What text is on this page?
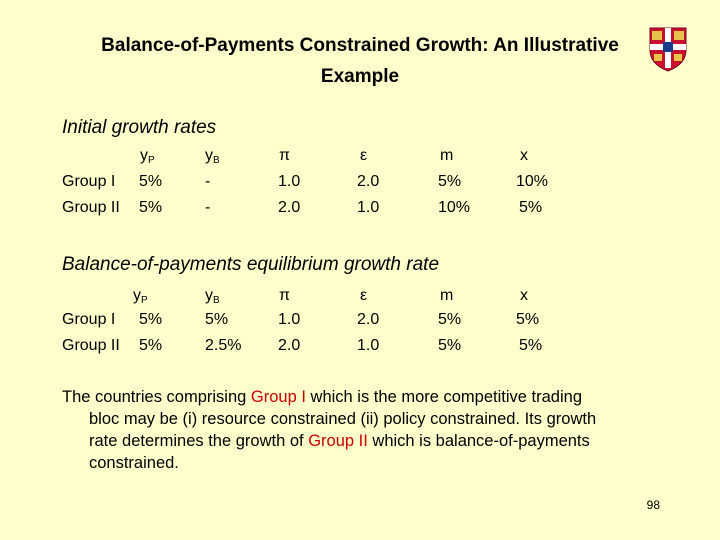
Balance-of-Payments Constrained Growth: An Illustrative Example
Initial growth rates
yP	yB	π	ε	m	x
Group I 5%	-	1.0	2.0	5%	10%
Group II 5%	-	2.0	1.0	10%	5%
Balance-of-payments equilibrium growth rate
yP	yB	π	ε	m	x
Group I 5%	5%	1.0	2.0	5%	5%
Group II 5%	2.5% 2.0	1.0	5%	5%
The countries comprising Group I which is the more competitive trading
bloc may be (i) resource constrained (ii) policy constrained. Its growth
rate determines the growth of Group II which is balance-of-payments
constrained.
98
